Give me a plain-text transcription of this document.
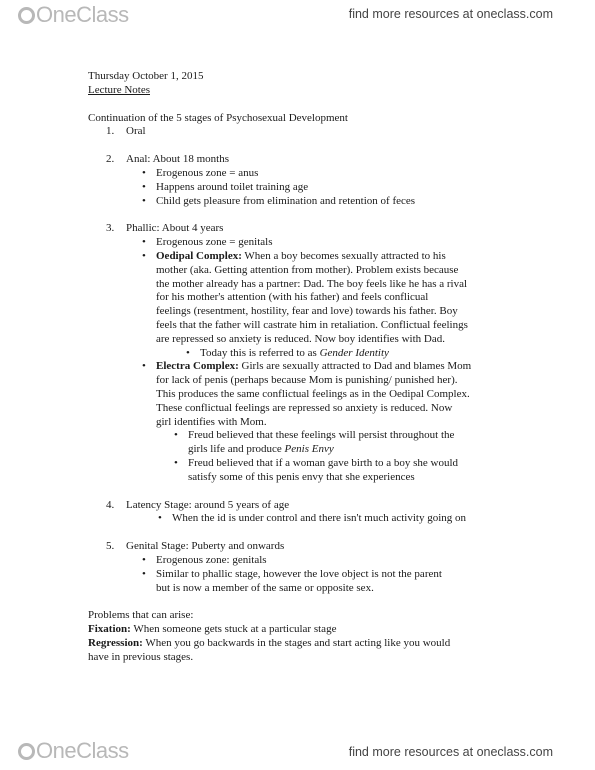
OneClass	find more resources at oneclass.com
Thursday October 1, 2015
Lecture Notes
Continuation of the 5 stages of Psychosexual Development
1.	Oral
2.	Anal: About 18 months
• Erogenous zone = anus
• Happens around toilet training age
• Child gets pleasure from elimination and retention of feces
3.	Phallic: About 4 years
• Erogenous zone = genitals
• Oedipal Complex: When a boy becomes sexually attracted to his
mother (aka. Getting attention from mother). Problem exists because
the mother already has a partner: Dad. The boy feels like he has a rival
for his mother's attention (with his father) and feels conflicual
feelings (resentment, hostility, fear and love) towards his father. Boy
feels that the father will castrate him in retaliation. Conflictual feelings
are repressed so anxiety is reduced. Now boy identifies with Dad.
• Today this is referred to as Gender Identity
• Electra Complex: Girls are sexually attracted to Dad and blames Mom
for lack of penis (perhaps because Mom is punishing/ punished her).
This produces the same conflictual feelings as in the Oedipal Complex.
These conflictual feelings are repressed so anxiety is reduced. Now
girl identifies with Mom.
• Freud believed that these feelings will persist throughout the
girls life and produce Penis Envy
• Freud believed that if a woman gave birth to a boy she would
satisfy some of this penis envy that she experiences
4.	Latency Stage: around 5 years of age
• When the id is under control and there isn't much activity going on
5.	Genital Stage: Puberty and onwards
• Erogenous zone: genitals
• Similar to phallic stage, however the love object is not the parent
but is now a member of the same or opposite sex.
Problems that can arise:
Fixation: When someone gets stuck at a particular stage
Regression: When you go backwards in the stages and start acting like you would
have in previous stages.
OneClass	find more resources at oneclass.com
